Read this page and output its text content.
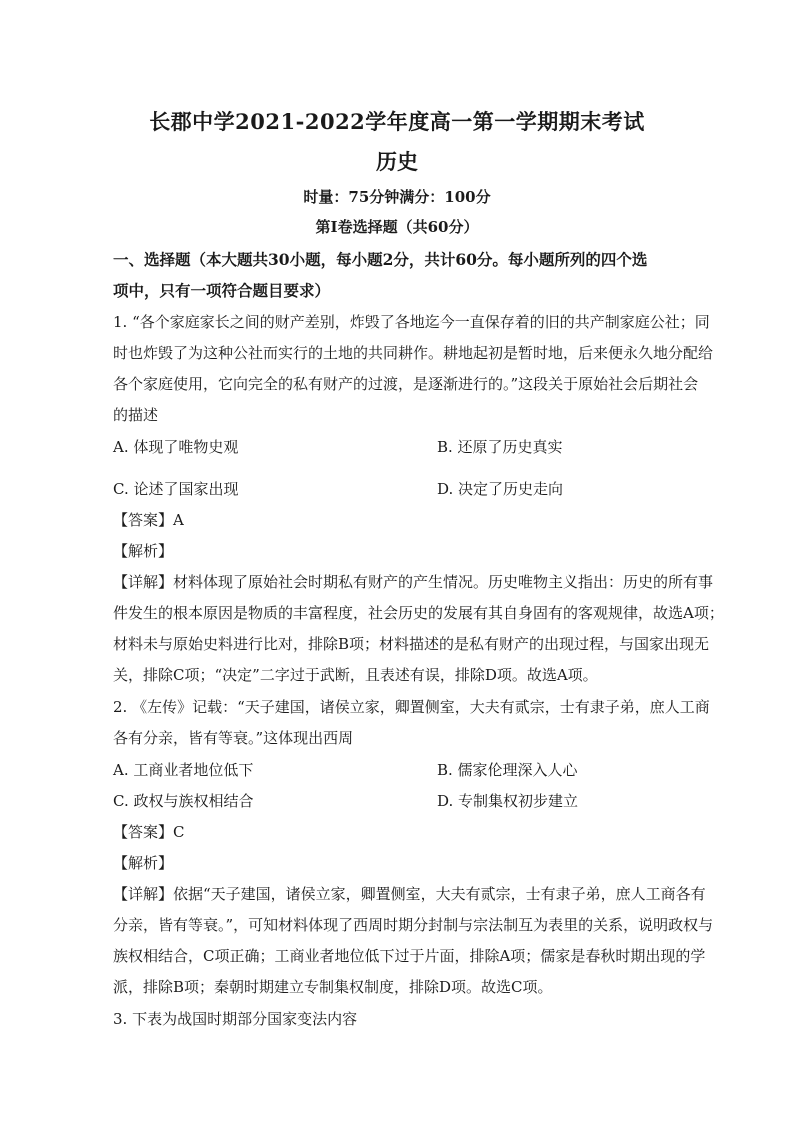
长郡中学2021-2022学年度高一第一学期期末考试
历史
时量：75分钟满分：100分
第Ⅰ卷选择题（共60分）
一、选择题（本大题共30小题，每小题2分，共计60分。每小题所列的四个选
项中，只有一项符合题目要求）
1. “各个家庭家长之间的财产差别，炸毁了各地迄今一直保存着的旧的共产制家庭公社；同
时也炸毁了为这种公社而实行的土地的共同耕作。耕地起初是暂时地，后来便永久地分配给
各个家庭使用，它向完全的私有财产的过渡，是逐渐进行的。”这段关于原始社会后期社会
的描述
A. 体现了唯物史观	B. 还原了历史真实
C. 论述了国家出现	D. 决定了历史走向
【答案】A
【解析】
【详解】材料体现了原始社会时期私有财产的产生情况。历史唯物主义指出：历史的所有事
件发生的根本原因是物质的丰富程度，社会历史的发展有其自身固有的客观规律，故选A项；
材料未与原始史料进行比对，排除B项；材料描述的是私有财产的出现过程，与国家出现无
关，排除C项；“决定”二字过于武断，且表述有误，排除D项。故选A项。
2. 《左传》记载：“天子建国，诸侯立家，卿置侧室，大夫有贰宗，士有隶子弟，庶人工商
各有分亲，皆有等衰。”这体现出西周
A. 工商业者地位低下	B. 儒家伦理深入人心
C. 政权与族权相结合	D. 专制集权初步建立
【答案】C
【解析】
【详解】依据“天子建国，诸侯立家，卿置侧室，大夫有贰宗，士有隶子弟，庶人工商各有
分亲，皆有等衰。”，可知材料体现了西周时期分封制与宗法制互为表里的关系，说明政权与
族权相结合，C项正确；工商业者地位低下过于片面，排除A项；儒家是春秋时期出现的学
派，排除B项；秦朝时期建立专制集权制度，排除D项。故选C项。
3. 下表为战国时期部分国家变法内容
